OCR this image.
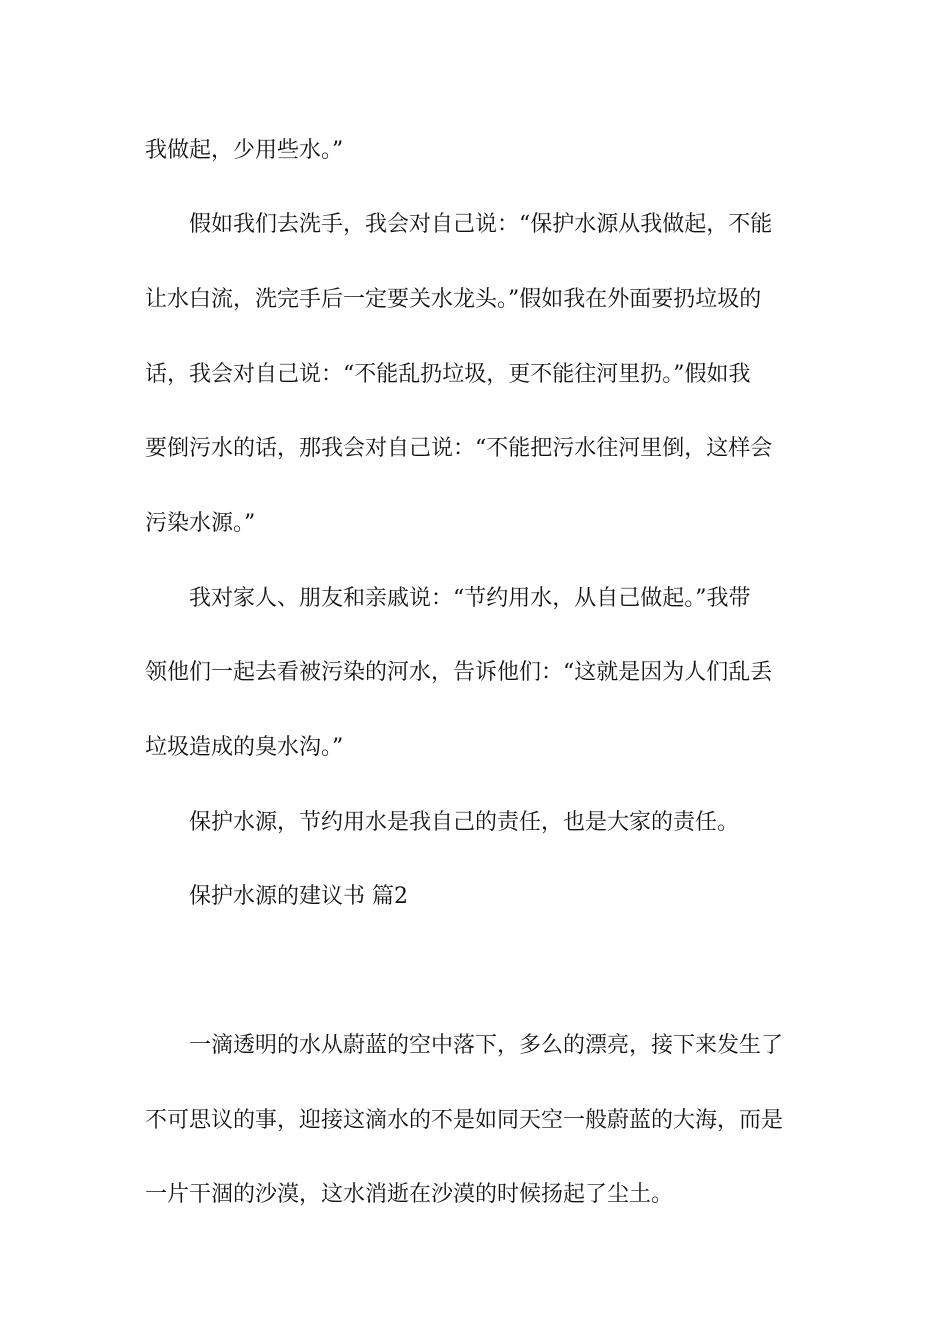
我做起，少用些水。”
假如我们去洗手，我会对自己说：“保护水源从我做起，不能
让水白流，洗完手后一定要关水龙头。”假如我在外面要扔垃圾的
话，我会对自己说：“不能乱扔垃圾，更不能往河里扔。”假如我
要倒污水的话，那我会对自己说：“不能把污水往河里倒，这样会
污染水源。”
我对家人、朋友和亲戚说：“节约用水，从自己做起。”我带
领他们一起去看被污染的河水，告诉他们：“这就是因为人们乱丢
垃圾造成的臭水沟。”
保护水源，节约用水是我自己的责任，也是大家的责任。
保护水源的建议书 篇2
一滴透明的水从蔚蓝的空中落下，多么的漂亮，接下来发生了
不可思议的事，迎接这滴水的不是如同天空一般蔚蓝的大海，而是
一片干涸的沙漠，这水消逝在沙漠的时候扬起了尘土。
